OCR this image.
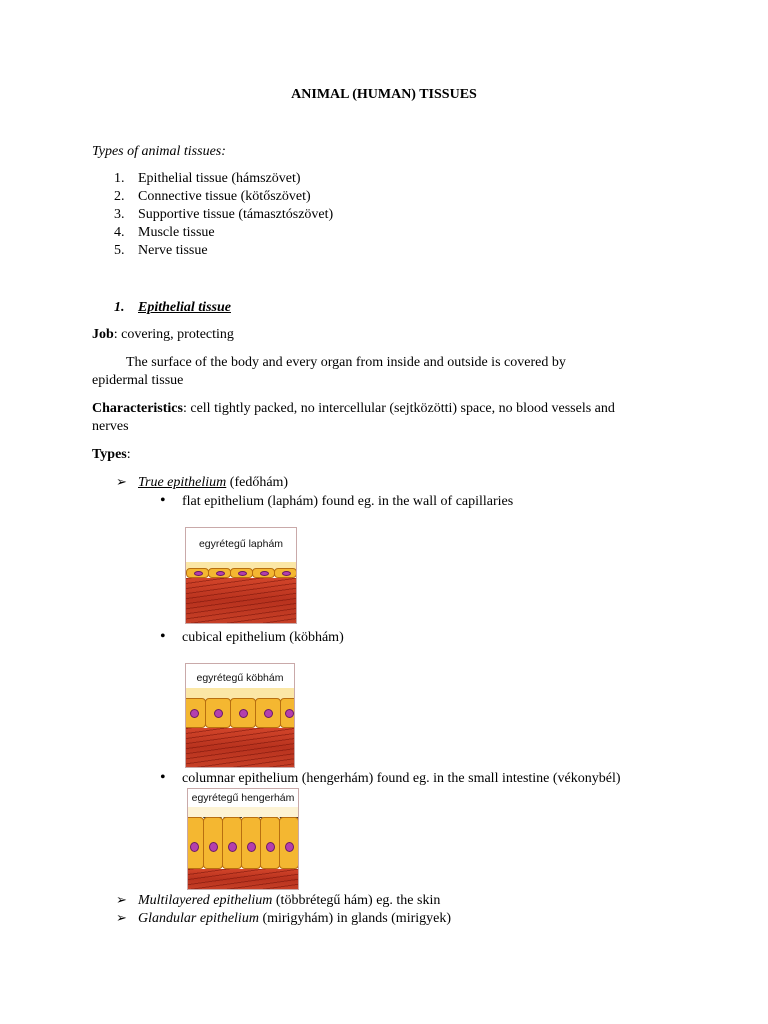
ANIMAL (HUMAN) TISSUES
Types of animal tissues:
1. Epithelial tissue (hámszövet)
2. Connective tissue (kötőszövet)
3. Supportive tissue (támasztószövet)
4. Muscle tissue
5. Nerve tissue
1. Epithelial tissue
Job: covering, protecting
The surface of the body and every organ from inside and outside is covered by
epidermal tissue
Characteristics: cell tightly packed, no intercellular (sejtközötti) space, no blood vessels and
nerves
Types:
➢ True epithelium (fedőhám)
• flat epithelium (laphám) found eg. in the wall of capillaries
egyrétegű laphám
• cubical epithelium (köbhám)
egyrétegű köbhám
• columnar epithelium (hengerhám) found eg. in the small intestine (vékonybél)
egyrétegű hengerhám
➢ Multilayered epithelium (többrétegű hám) eg. the skin
➢ Glandular epithelium (mirigyhám) in glands (mirigyek)
